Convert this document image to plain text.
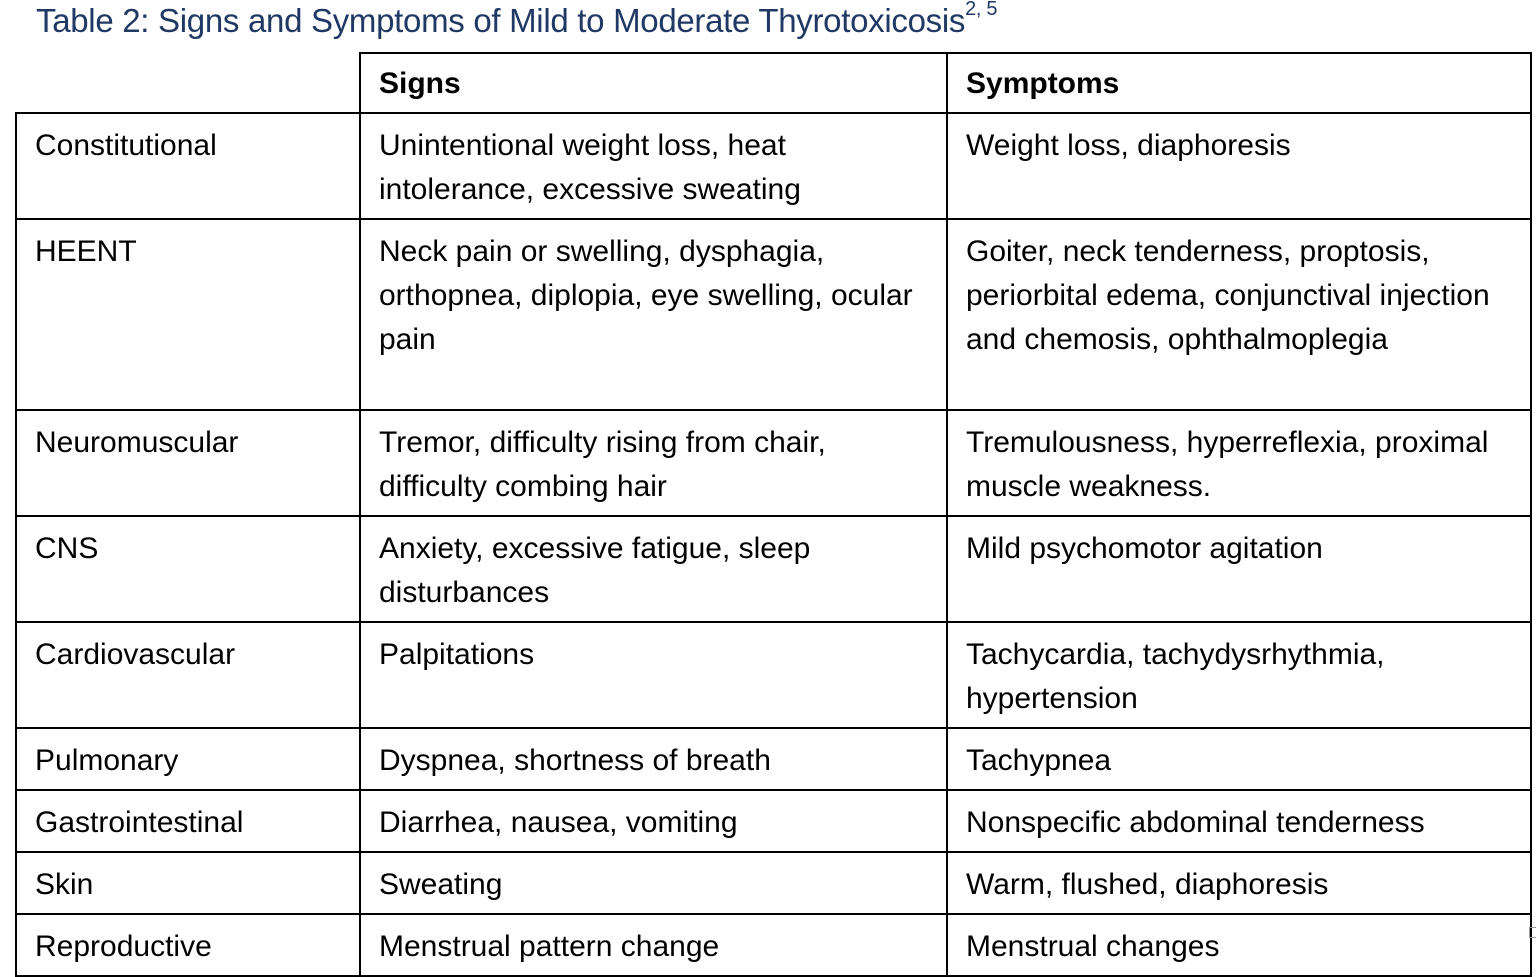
Table 2: Signs and Symptoms of Mild to Moderate Thyrotoxicosis$^{2, 5}$
	Signs	Symptoms
Constitutional	Unintentional weight loss, heat intolerance, excessive sweating	Weight loss, diaphoresis
HEENT	Neck pain or swelling, dysphagia, orthopnea, diplopia, eye swelling, ocular pain	Goiter, neck tenderness, proptosis, periorbital edema, conjunctival injection and chemosis, ophthalmoplegia
Neuromuscular	Tremor, difficulty rising from chair, difficulty combing hair	Tremulousness, hyperreflexia, proximal muscle weakness.
CNS	Anxiety, excessive fatigue, sleep disturbances	Mild psychomotor agitation
Cardiovascular	Palpitations	Tachycardia, tachydysrhythmia, hypertension
Pulmonary	Dyspnea, shortness of breath	Tachypnea
Gastrointestinal	Diarrhea, nausea, vomiting	Nonspecific abdominal tenderness
Skin	Sweating	Warm, flushed, diaphoresis
Reproductive	Menstrual pattern change	Menstrual changes
